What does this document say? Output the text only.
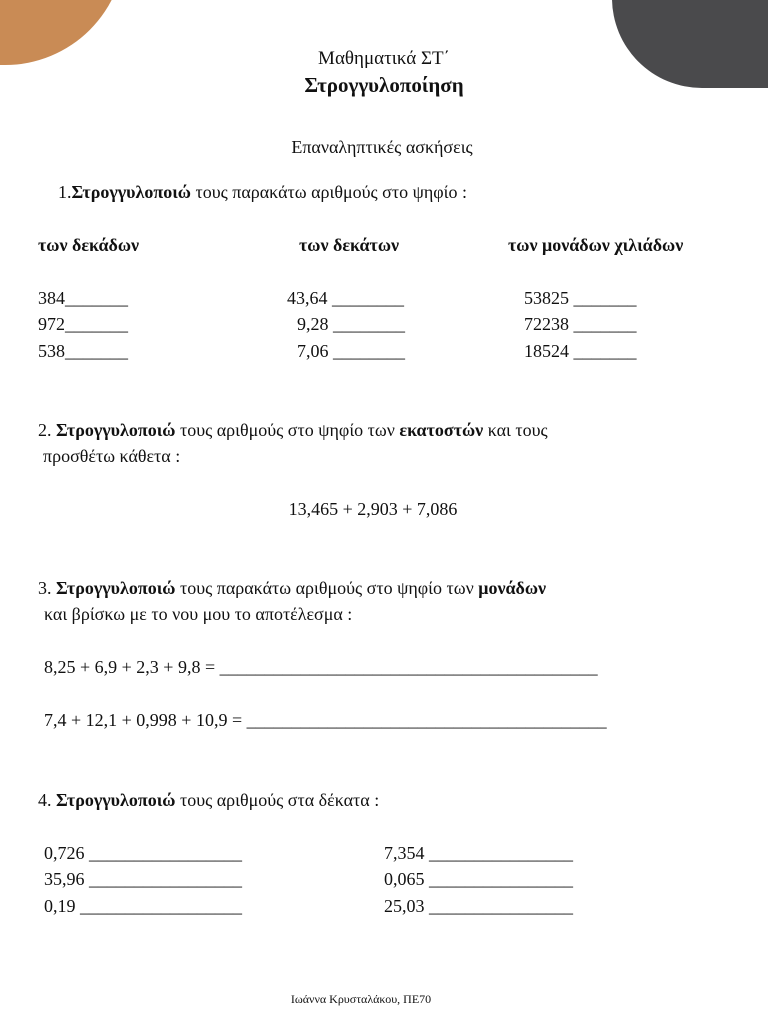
Μαθηματικά ΣΤ΄
Στρογγυλοποίηση
Επαναληπτικές ασκήσεις
1.Στρογγυλοποιώ τους παρακάτω αριθμούς στο ψηφίο :
των δεκάδων	των δεκάτων	των μονάδων χιλιάδων
384_______
972_______
538_______
43,64 ________
9,28 ________
7,06 ________
53825 _______
72238 _______
18524 _______
2. Στρογγυλοποιώ τους αριθμούς στο ψηφίο των εκατοστών και τους
προσθέτω κάθετα :
13,465 + 2,903 + 7,086
3. Στρογγυλοποιώ τους παρακάτω αριθμούς στο ψηφίο των μονάδων
και βρίσκω με το νου μου το αποτέλεσμα :
8,25 + 6,9 + 2,3 + 9,8 = __________________________________________
7,4 + 12,1 + 0,998 + 10,9 = ________________________________________
4. Στρογγυλοποιώ τους αριθμούς στα δέκατα :
0,726 _________________
35,96 _________________
0,19 __________________
7,354 ________________
0,065 ________________
25,03 ________________
Ιωάννα Κρυσταλάκου, ΠΕ70
